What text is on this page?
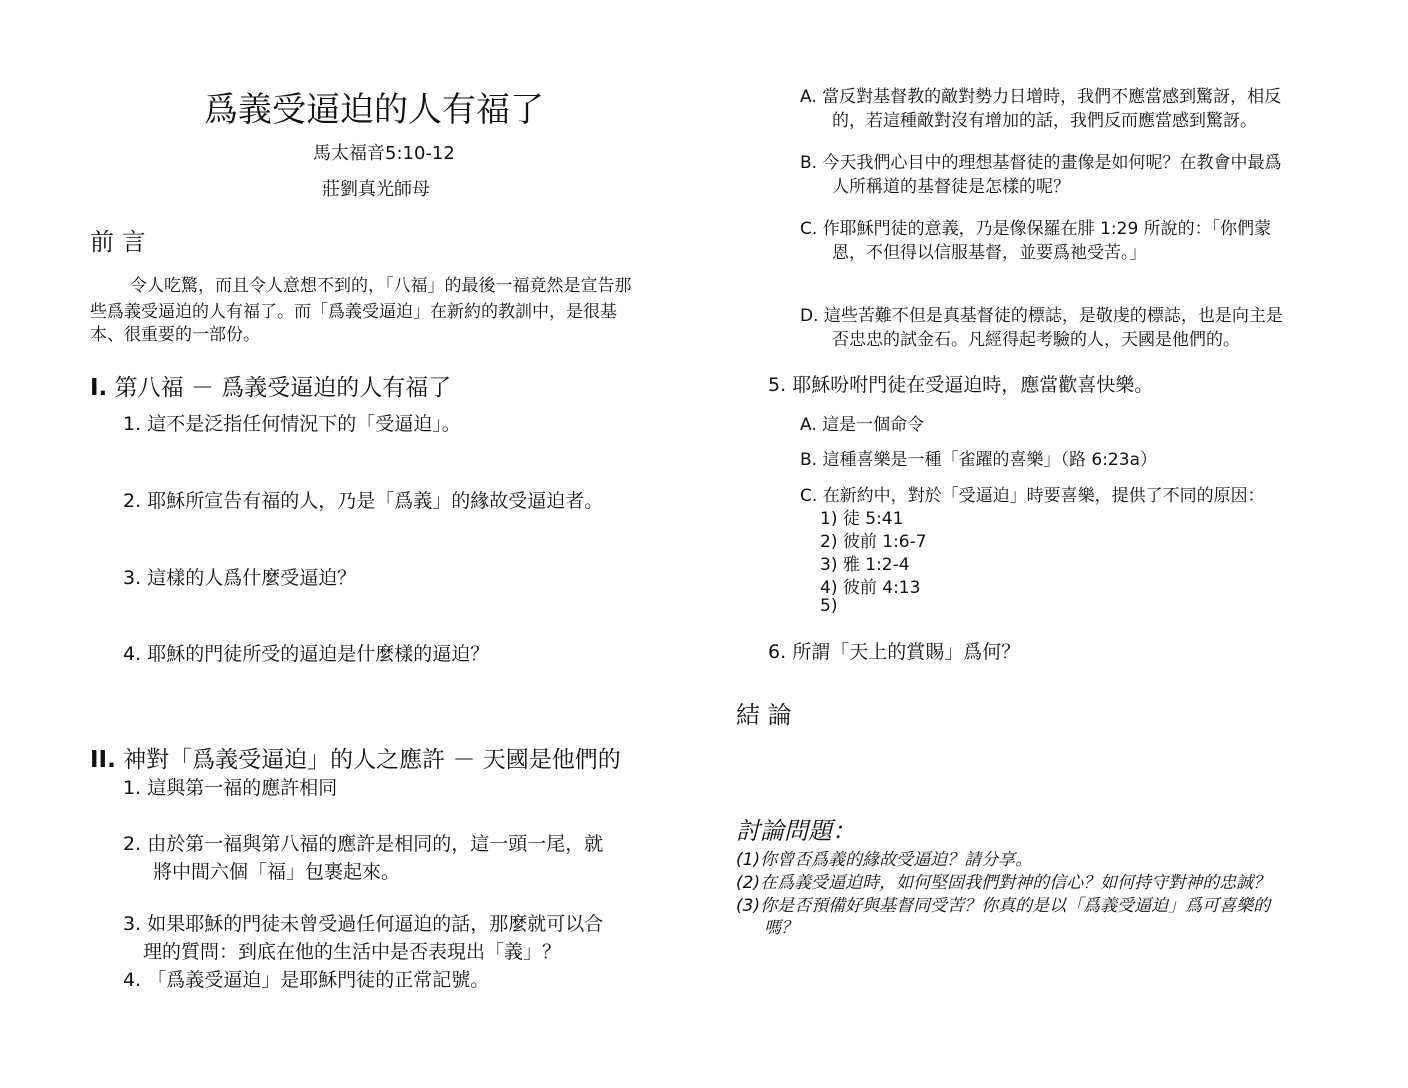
爲義受逼迫的人有福了
馬太福音5:10-12
莊劉真光師母
前 言
令人吃驚，而且令人意想不到的，「八福」的最後一福竟然是宣告那
些爲義受逼迫的人有福了。而「爲義受逼迫」在新約的教訓中，是很基
本、很重要的一部份。
I. 第八福 － 爲義受逼迫的人有福了
1. 這不是泛指任何情況下的「受逼迫」。
2. 耶穌所宣告有福的人，乃是「爲義」的緣故受逼迫者。
3. 這樣的人爲什麼受逼迫？
4. 耶穌的門徒所受的逼迫是什麼樣的逼迫？
II. 神對「爲義受逼迫」的人之應許 － 天國是他們的
1. 這與第一福的應許相同
2. 由於第一福與第八福的應許是相同的，這一頭一尾，就
將中間六個「福」包裹起來。
3. 如果耶穌的門徒未曾受過任何逼迫的話，那麼就可以合
理的質問：到底在他的生活中是否表現出「義」？
4. 「爲義受逼迫」是耶穌門徒的正常記號。
A. 當反對基督教的敵對勢力日增時，我們不應當感到驚訝，相反
的，若這種敵對沒有增加的話，我們反而應當感到驚訝。
B. 今天我們心目中的理想基督徒的畫像是如何呢？在教會中最爲
人所稱道的基督徒是怎樣的呢？
C. 作耶穌門徒的意義，乃是像保羅在腓 1:29 所說的：「你們蒙
恩，不但得以信服基督，並要爲祂受苦。」
D. 這些苦難不但是真基督徒的標誌，是敬虔的標誌，也是向主是
否忠忠的試金石。凡經得起考驗的人，天國是他們的。
5. 耶穌吩咐門徒在受逼迫時，應當歡喜快樂。
A. 這是一個命令
B. 這種喜樂是一種「雀躍的喜樂」（路 6:23a）
C. 在新約中，對於「受逼迫」時要喜樂，提供了不同的原因：
1) 徒 5:41
2) 彼前 1:6-7
3) 雅 1:2-4
4) 彼前 4:13
5)
6. 所謂「天上的賞賜」爲何？
結 論
討論問題：
(1)你曾否爲義的緣故受逼迫？請分享。
(2)在爲義受逼迫時，如何堅固我們對神的信心？如何持守對神的忠誠？
(3)你是否預備好與基督同受苦？你真的是以「爲義受逼迫」爲可喜樂的
嗎？
